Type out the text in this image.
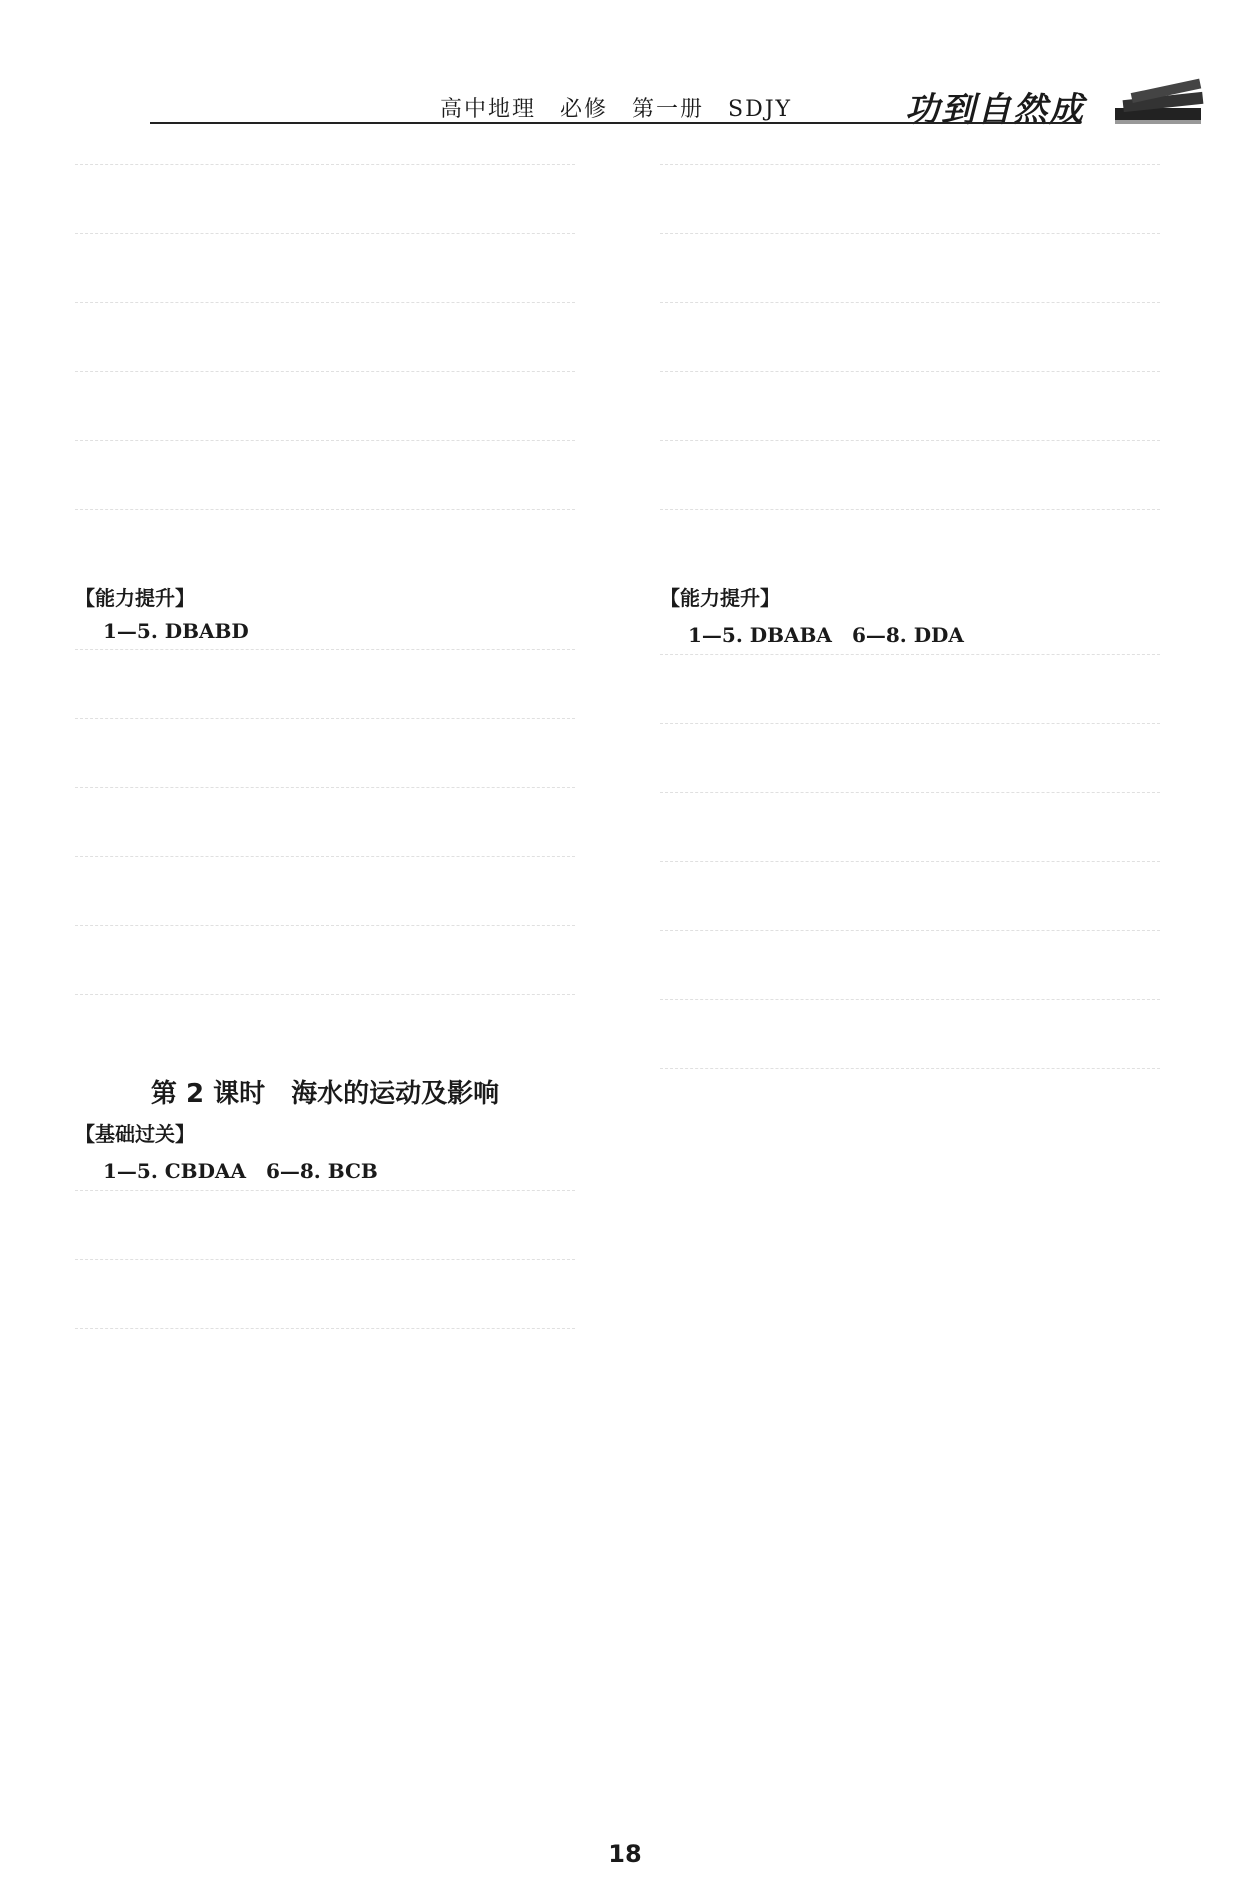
高中地理　必修　第一册　SDJY	功到自然成
【能力提升】
1—5. DBABD
第 2 课时　海水的运动及影响
【基础过关】
1—5. CBDAA　6—8. BCB
【能力提升】
1—5. DBABA　6—8. DDA
18
